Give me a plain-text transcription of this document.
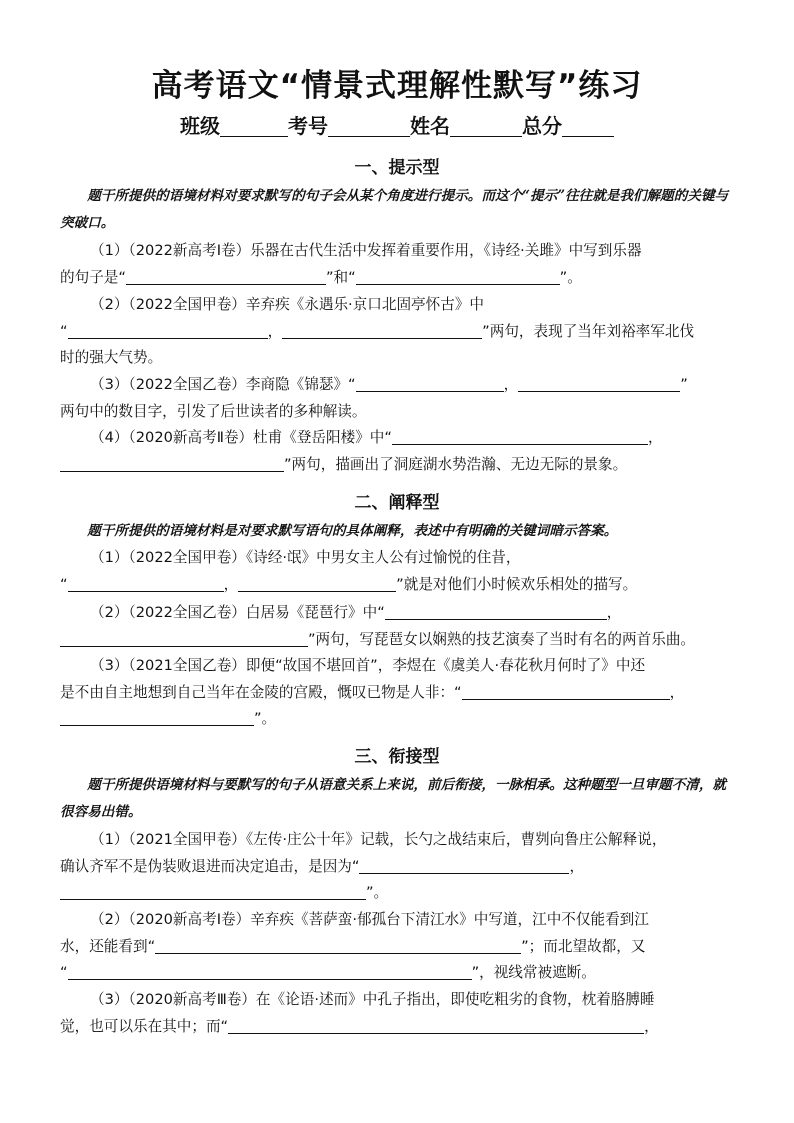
高考语文“情景式理解性默写”练习
班级	考号	姓名	总分
一、提示型
题干所提供的语境材料对要求默写的句子会从某个角度进行提示。而这个“提示”往往就是我们解题的关键与突破口。
（1）（2022新高考Ⅰ卷）乐器在古代生活中发挥着重要作用，《诗经·关雎》中写到乐器
的句子是“	”和“	”。
（2）（2022全国甲卷）辛弃疾《永遇乐·京口北固亭怀古》中
“	，	”两句，表现了当年刘裕率军北伐
时的强大气势。
（3）（2022全国乙卷）李商隐《锦瑟》“	，	”
两句中的数目字，引发了后世读者的多种解读。
（4）（2020新高考Ⅱ卷）杜甫《登岳阳楼》中“	，
”两句，描画出了洞庭湖水势浩瀚、无边无际的景象。
二、阐释型
题干所提供的语境材料是对要求默写语句的具体阐释，表述中有明确的关键词暗示答案。
（1）（2022全国甲卷）《诗经·氓》中男女主人公有过愉悦的住昔，
“	，	”就是对他们小时候欢乐相处的描写。
（2）（2022全国乙卷）白居易《琵琶行》中“	，
”两句，写琵琶女以娴熟的技艺演奏了当时有名的两首乐曲。
（3）（2021全国乙卷）即便“故国不堪回首”，李煜在《虞美人·春花秋月何时了》中还
是不由自主地想到自己当年在金陵的宫殿，慨叹已物是人非：“	，
”。
三、衔接型
题干所提供语境材料与要默写的句子从语意关系上来说，前后衔接，一脉相承。这种题型一旦审题不清，就很容易出错。
（1）（2021全国甲卷）《左传·庄公十年》记载，长勺之战结束后，曹刿向鲁庄公解释说，
确认齐军不是伪装败退进而决定追击，是因为“	，
”。
（2）（2020新高考Ⅰ卷）辛弃疾《菩萨蛮·郁孤台下清江水》中写道，江中不仅能看到江
水，还能看到“	”；而北望故都，又
“	”，视线常被遮断。
（3）（2020新高考Ⅲ卷）在《论语·述而》中孔子指出，即使吃粗劣的食物，枕着胳膊睡
觉，也可以乐在其中；而“	，
